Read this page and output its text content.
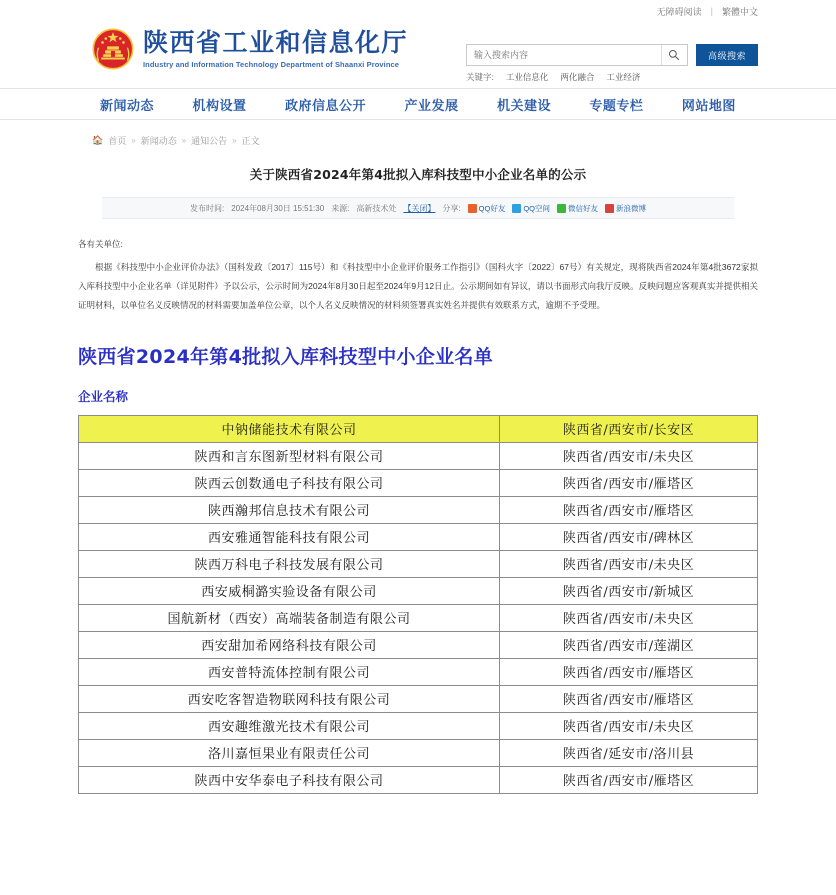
无障碍阅读 | 繁體中文
陕西省工业和信息化厅
Industry and Information Technology Department of Shaanxi Province
输入搜索内容
高级搜索
关键字: 工业信息化 两化融合 工业经济
新闻动态	机构设置	政府信息公开	产业发展	机关建设	专题专栏	网站地图
🏠 首页 » 新闻动态 » 通知公告 » 正文
关于陕西省2024年第4批拟入库科技型中小企业名单的公示
发布时间: 2024年08月30日 15:51:30 来源: 高新技术处 【关闭】 分享: QQ好友 QQ空间 微信好友 新浪微博

各有关单位:

根据《科技型中小企业评价办法》（国科发政〔2017〕115号）和《科技型中小企业评价服务工作指引》（国科火字〔2022〕67号）有关规定，现将陕西省2024年第4批3672家拟入库科技型中小企业名单（详见附件）予以公示，公示时间为2024年8月30日起至2024年9月12日止。公示期间如有异议，请以书面形式向我厅反映。反映问题应客观真实并提供相关证明材料，以单位名义反映情况的材料需要加盖单位公章，以个人名义反映情况的材料须签署真实姓名并提供有效联系方式，逾期不予受理。

陕西省2024年第4批拟入库科技型中小企业名单
企业名称
中钠储能技术有限公司	陕西省/西安市/长安区
陕西和言东图新型材料有限公司	陕西省/西安市/未央区
陕西云创数通电子科技有限公司	陕西省/西安市/雁塔区
陕西瀚邦信息技术有限公司	陕西省/西安市/雁塔区
西安雅通智能科技有限公司	陕西省/西安市/碑林区
陕西万科电子科技发展有限公司	陕西省/西安市/未央区
西安威桐潞实验设备有限公司	陕西省/西安市/新城区
国航新材（西安）高端装备制造有限公司	陕西省/西安市/未央区
西安甜加希网络科技有限公司	陕西省/西安市/莲湖区
西安普特流体控制有限公司	陕西省/西安市/雁塔区
西安吃客智造物联网科技有限公司	陕西省/西安市/雁塔区
西安趣维激光技术有限公司	陕西省/西安市/未央区
洛川嘉恒果业有限责任公司	陕西省/延安市/洛川县
陕西中安华泰电子科技有限公司	陕西省/西安市/雁塔区
